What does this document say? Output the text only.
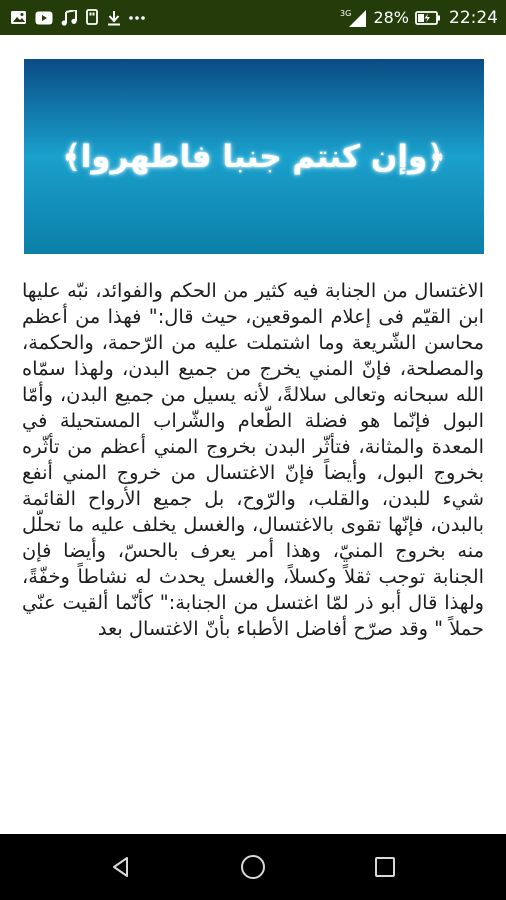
3G 28% 22:24
﴿وإن كنتم جنبا فاطهروا﴾
الاغتسال من الجنابة فيه كثير من الحكم والفوائد، نبّه عليها ابن القيّم فى إعلام الموقعين، حيث قال:" فهذا من أعظم محاسن الشّريعة وما اشتملت عليه من الرّحمة، والحكمة، والمصلحة، فإنّ المني يخرج من جميع البدن، ولهذا سمّاه الله سبحانه وتعالى سلالةً، لأنه يسيل من جميع البدن، وأمّا البول فإنّما هو فضلة الطّعام والشّراب المستحيلة في المعدة والمثانة، فتأثّر البدن بخروج المني أعظم من تأثّره بخروج البول، وأيضاً فإنّ الاغتسال من خروج المني أنفع شيء للبدن، والقلب، والرّوح، بل جميع الأرواح القائمة بالبدن، فإنّها تقوى بالاغتسال، والغسل يخلف عليه ما تحلّل منه بخروج المنيّ، وهذا أمر يعرف بالحسّ، وأيضا فإن الجنابة توجب ثقلاً وكسلاً، والغسل يحدث له نشاطاً وخفّةً، ولهذا قال أبو ذر لمّا اغتسل من الجنابة:" كأنّما ألقيت عنّي حملاً " وقد صرّح أفاضل الأطباء بأنّ الاغتسال بعد
